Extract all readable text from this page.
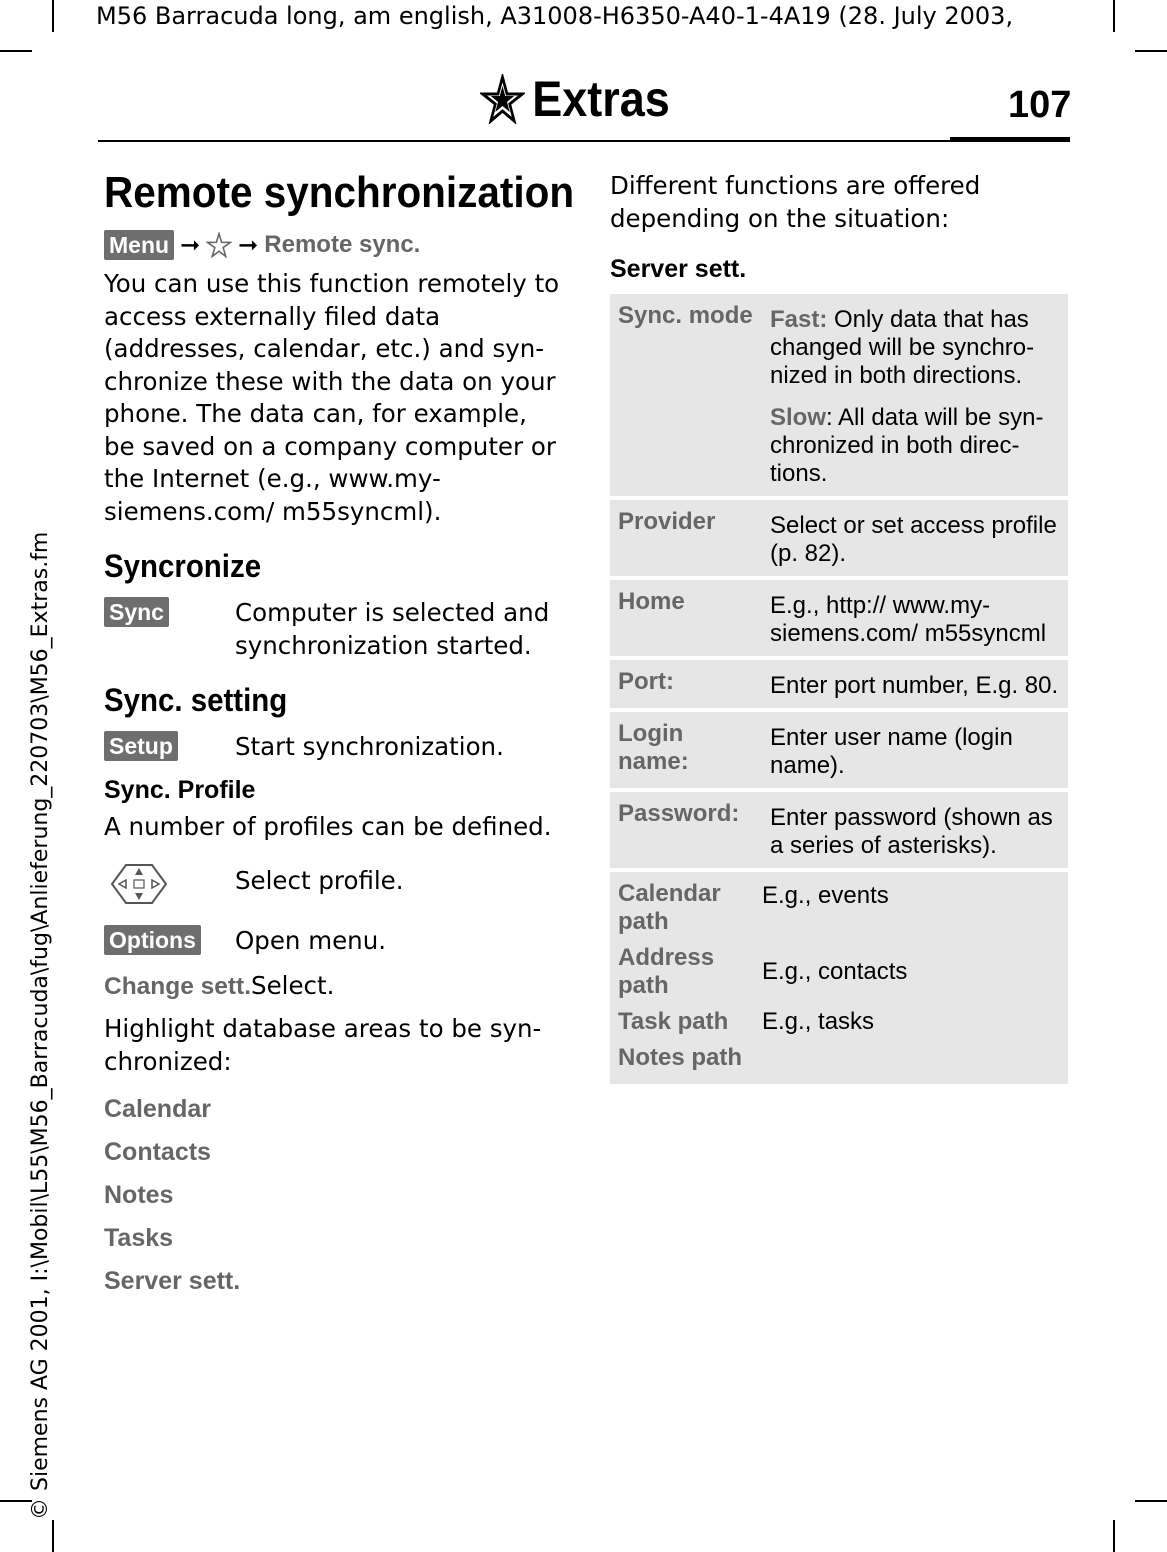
M56 Barracuda long, am english, A31008-H6350-A40-1-4A19 (28. July 2003,
© Siemens AG 2001, I:\Mobil\L55\M56_Barracuda\fug\Anlieferung_220703\M56_Extras.fm
Extras	107
Remote synchronization
Menu ➞ ➞ Remote sync.

You can use this function remotely to access externally filed data (addresses, calendar, etc.) and syn-chronize these with the data on your phone. The data can, for example, be saved on a company computer or the Internet (e.g., www.my-siemens.com/ m55syncml).

Syncronize
Sync	Computer is selected and synchronization started.
Sync. setting
Setup	Start synchronization.
Sync. Profile

A number of profiles can be defined.

Select profile.
Options	Open menu.
Change sett.Select.

Highlight database areas to be syn-chronized:

Calendar
Contacts
Notes
Tasks
Server sett.

Different functions are offered depending on the situation:

Server sett.
Sync. mode	Fast: Only data that has changed will be synchro-nized in both directions.
Slow: All data will be syn-chronized in both direc-tions.

Provider	Select or set access profile (p. 82).
Home	E.g., http:// www.my-siemens.com/ m55syncml
Port:	Enter port number, E.g. 80.
Login name:	Enter user name (login name).
Password:	Enter password (shown as a series of asterisks).

Calendar path	E.g., events
Address path	E.g., contacts
Task path	E.g., tasks
Notes path	
